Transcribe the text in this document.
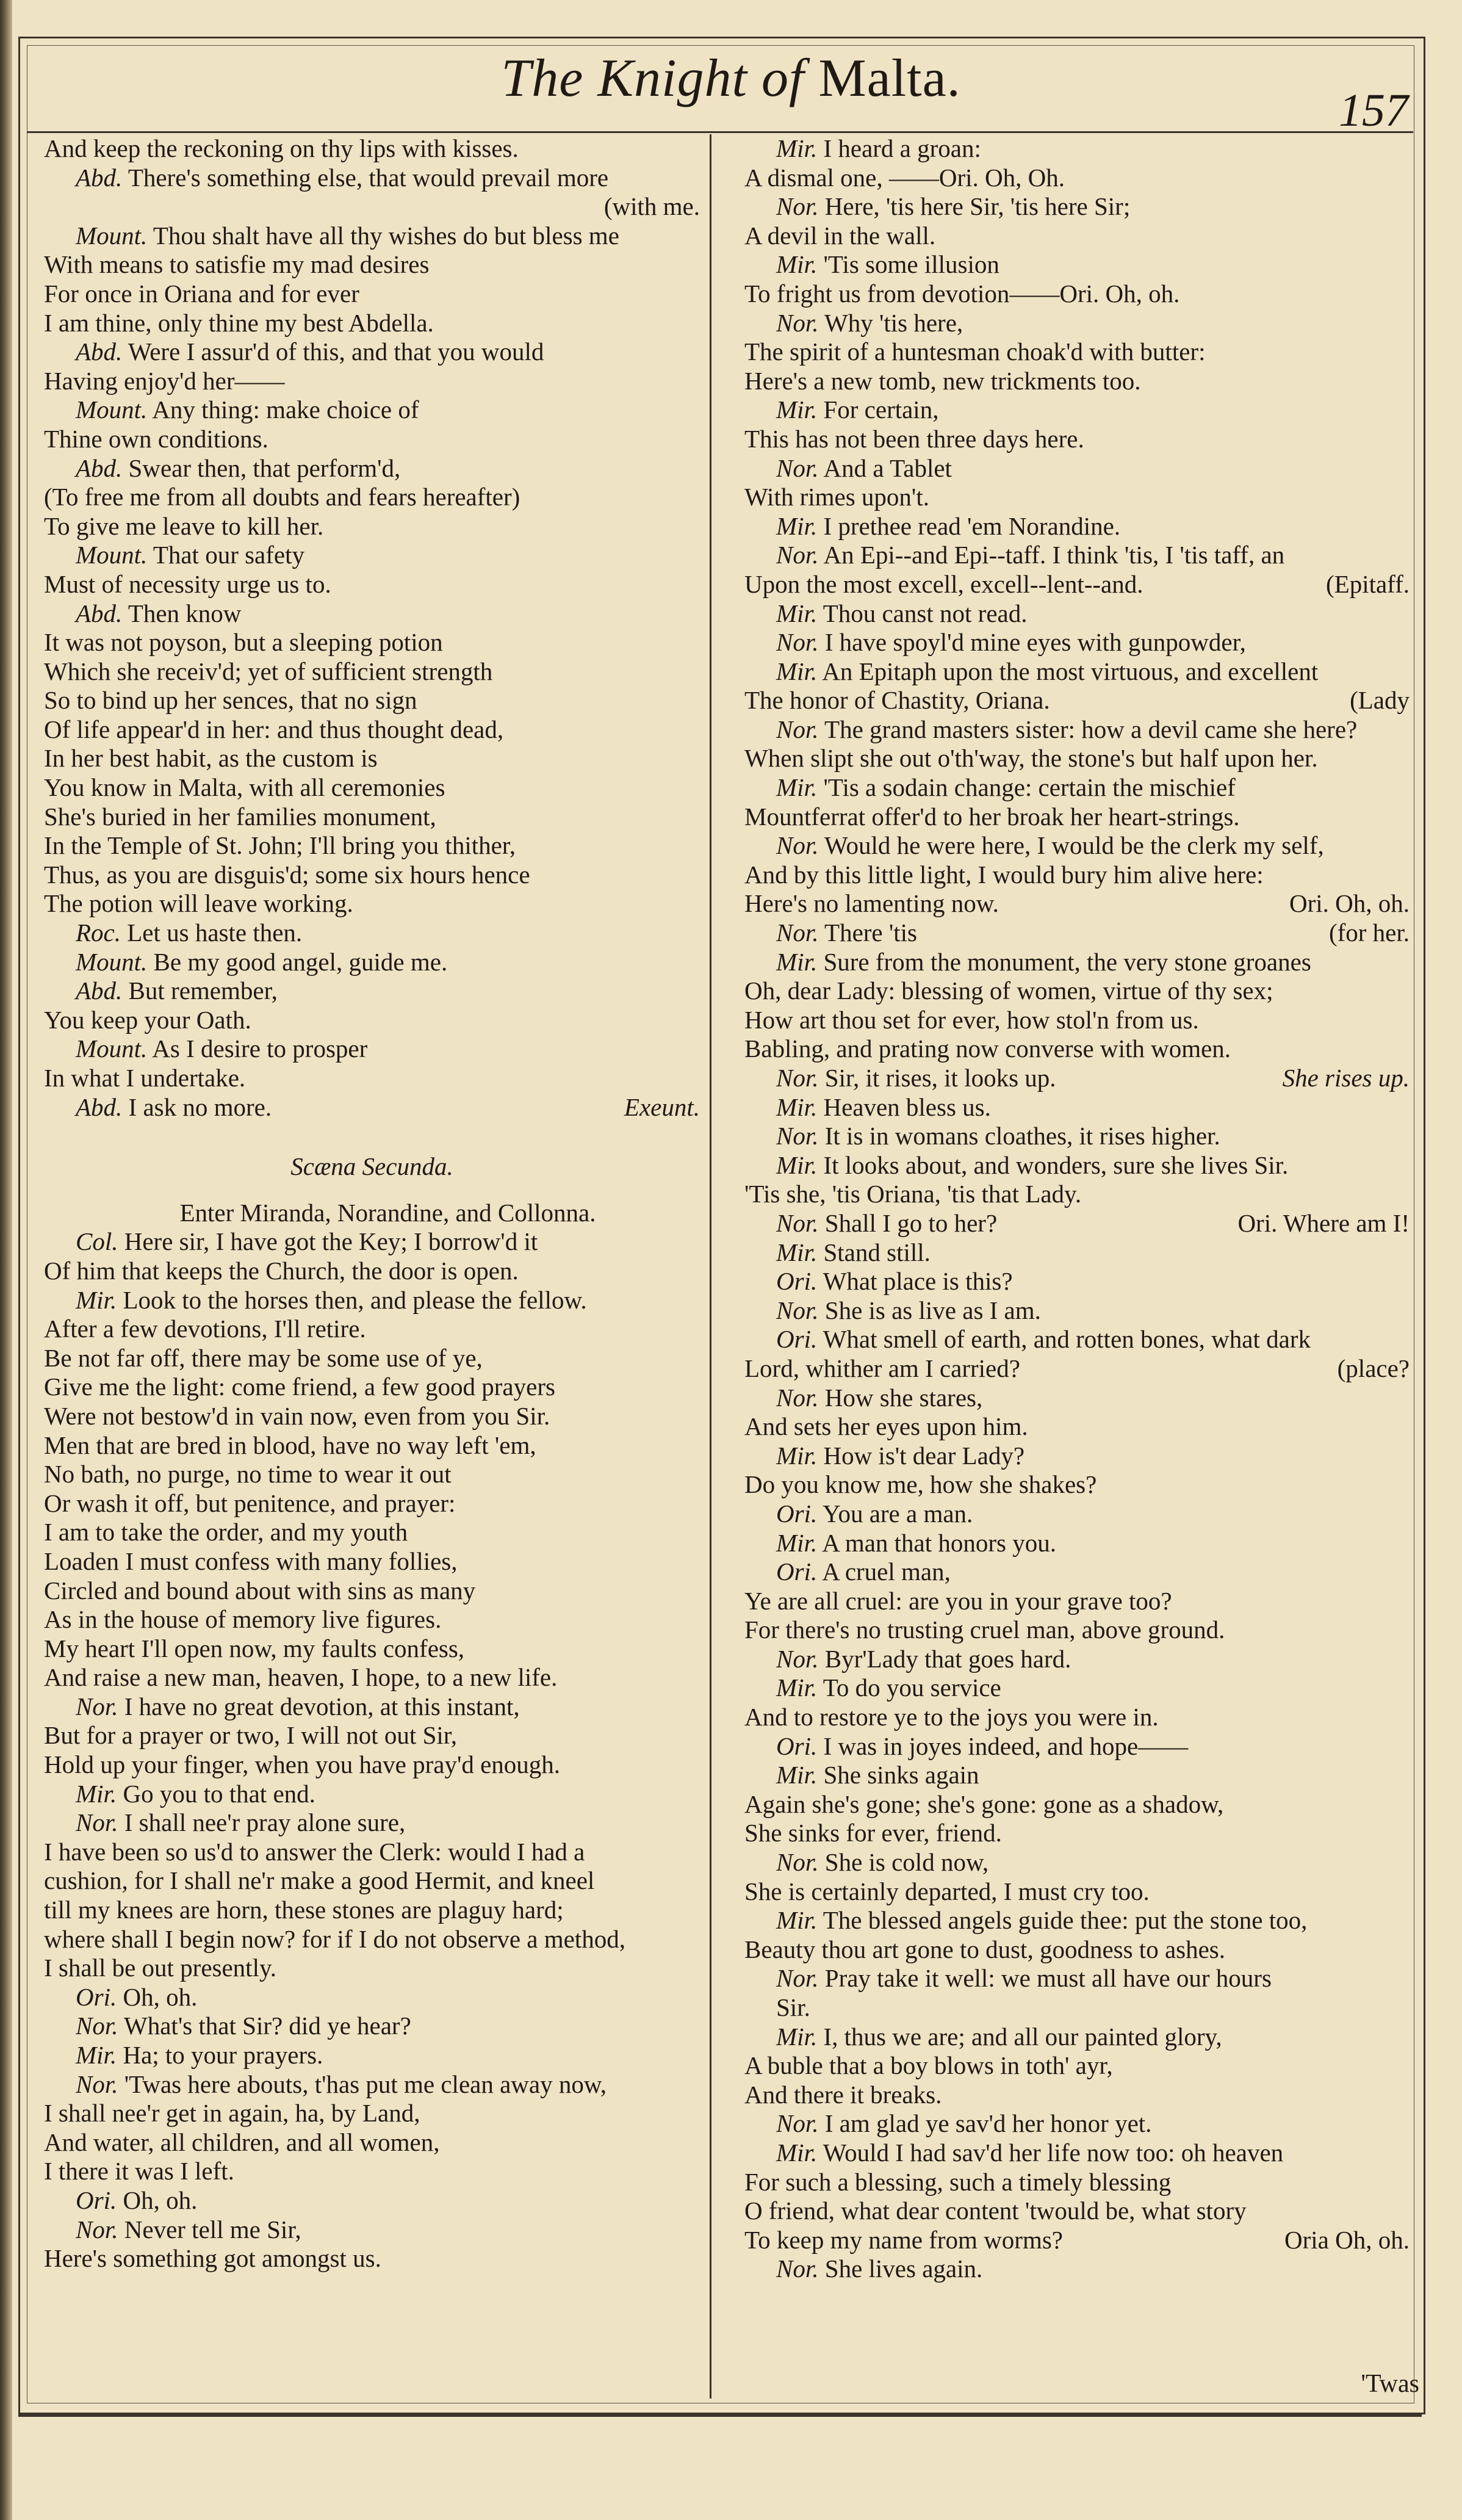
The Knight of Malta.
157
And keep the reckoning on thy lips with kisses.
Abd. There's something else, that would prevail more
(with me.
Mount. Thou shalt have all thy wishes do but bless me
With means to satisfie my mad desires
For once in Oriana and for ever
I am thine, only thine my best Abdella.
Abd. Were I assur'd of this, and that you would
Having enjoy'd her——
Mount. Any thing: make choice of
Thine own conditions.
Abd. Swear then, that perform'd,
(To free me from all doubts and fears hereafter)
To give me leave to kill her.
Mount. That our safety
Must of necessity urge us to.
Abd. Then know
It was not poyson, but a sleeping potion
Which she receiv'd; yet of sufficient strength
So to bind up her sences, that no sign
Of life appear'd in her: and thus thought dead,
In her best habit, as the custom is
You know in Malta, with all ceremonies
She's buried in her families monument,
In the Temple of St. John; I'll bring you thither,
Thus, as you are disguis'd; some six hours hence
The potion will leave working.
Roc. Let us haste then.
Mount. Be my good angel, guide me.
Abd. But remember,
You keep your Oath.
Mount. As I desire to prosper
In what I undertake.
Abd. I ask no more.	Exeunt.
Scæna Secunda.
Enter Miranda, Norandine, and Collonna.
Col. Here sir, I have got the Key; I borrow'd it
Of him that keeps the Church, the door is open.
Mir. Look to the horses then, and please the fellow.
After a few devotions, I'll retire.
Be not far off, there may be some use of ye,
Give me the light: come friend, a few good prayers
Were not bestow'd in vain now, even from you Sir.
Men that are bred in blood, have no way left 'em,
No bath, no purge, no time to wear it out
Or wash it off, but penitence, and prayer:
I am to take the order, and my youth
Loaden I must confess with many follies,
Circled and bound about with sins as many
As in the house of memory live figures.
My heart I'll open now, my faults confess,
And raise a new man, heaven, I hope, to a new life.
Nor. I have no great devotion, at this instant,
But for a prayer or two, I will not out Sir,
Hold up your finger, when you have pray'd enough.
Mir. Go you to that end.
Nor. I shall nee'r pray alone sure,
I have been so us'd to answer the Clerk: would I had a
cushion, for I shall ne'r make a good Hermit, and kneel
till my knees are horn, these stones are plaguy hard;
where shall I begin now? for if I do not observe a method,
I shall be out presently.
Ori. Oh, oh.
Nor. What's that Sir? did ye hear?
Mir. Ha; to your prayers.
Nor. 'Twas here abouts, t'has put me clean away now,
I shall nee'r get in again, ha, by Land,
And water, all children, and all women,
I there it was I left.
Ori. Oh, oh.
Nor. Never tell me Sir,
Here's something got amongst us.
Mir. I heard a groan:
A dismal one, ——Ori. Oh, Oh.
Nor. Here, 'tis here Sir, 'tis here Sir;
A devil in the wall.
Mir. 'Tis some illusion
To fright us from devotion——Ori. Oh, oh.
Nor. Why 'tis here,
The spirit of a huntesman choak'd with butter:
Here's a new tomb, new trickments too.
Mir. For certain,
This has not been three days here.
Nor. And a Tablet
With rimes upon't.
Mir. I prethee read 'em Norandine.
Nor. An Epi--and Epi--taff. I think 'tis, I 'tis taff, an
Upon the most excell, excell--lent--and.	(Epitaff.
Mir. Thou canst not read.
Nor. I have spoyl'd mine eyes with gunpowder,
Mir. An Epitaph upon the most virtuous, and excellent
The honor of Chastity, Oriana.	(Lady
Nor. The grand masters sister: how a devil came she here?
When slipt she out o'th'way, the stone's but half upon her.
Mir. 'Tis a sodain change: certain the mischief
Mountferrat offer'd to her broak her heart-strings.
Nor. Would he were here, I would be the clerk my self,
And by this little light, I would bury him alive here:
Here's no lamenting now.	Ori. Oh, oh.
Nor. There 'tis	(for her.
Mir. Sure from the monument, the very stone groanes
Oh, dear Lady: blessing of women, virtue of thy sex;
How art thou set for ever, how stol'n from us.
Babling, and prating now converse with women.
Nor. Sir, it rises, it looks up.	She rises up.
Mir. Heaven bless us.
Nor. It is in womans cloathes, it rises higher.
Mir. It looks about, and wonders, sure she lives Sir.
'Tis she, 'tis Oriana, 'tis that Lady.
Nor. Shall I go to her?	Ori. Where am I!
Mir. Stand still.
Ori. What place is this?
Nor. She is as live as I am.
Ori. What smell of earth, and rotten bones, what dark
Lord, whither am I carried?	(place?
Nor. How she stares,
And sets her eyes upon him.
Mir. How is't dear Lady?
Do you know me, how she shakes?
Ori. You are a man.
Mir. A man that honors you.
Ori. A cruel man,
Ye are all cruel: are you in your grave too?
For there's no trusting cruel man, above ground.
Nor. Byr'Lady that goes hard.
Mir. To do you service
And to restore ye to the joys you were in.
Ori. I was in joyes indeed, and hope——
Mir. She sinks again
Again she's gone; she's gone: gone as a shadow,
She sinks for ever, friend.
Nor. She is cold now,
She is certainly departed, I must cry too.
Mir. The blessed angels guide thee: put the stone too,
Beauty thou art gone to dust, goodness to ashes.
Nor. Pray take it well: we must all have our hours
Sir.
Mir. I, thus we are; and all our painted glory,
A buble that a boy blows in toth' ayr,
And there it breaks.
Nor. I am glad ye sav'd her honor yet.
Mir. Would I had sav'd her life now too: oh heaven
For such a blessing, such a timely blessing
O friend, what dear content 'twould be, what story
To keep my name from worms?	Oria Oh, oh.
Nor. She lives again.
'Twas
